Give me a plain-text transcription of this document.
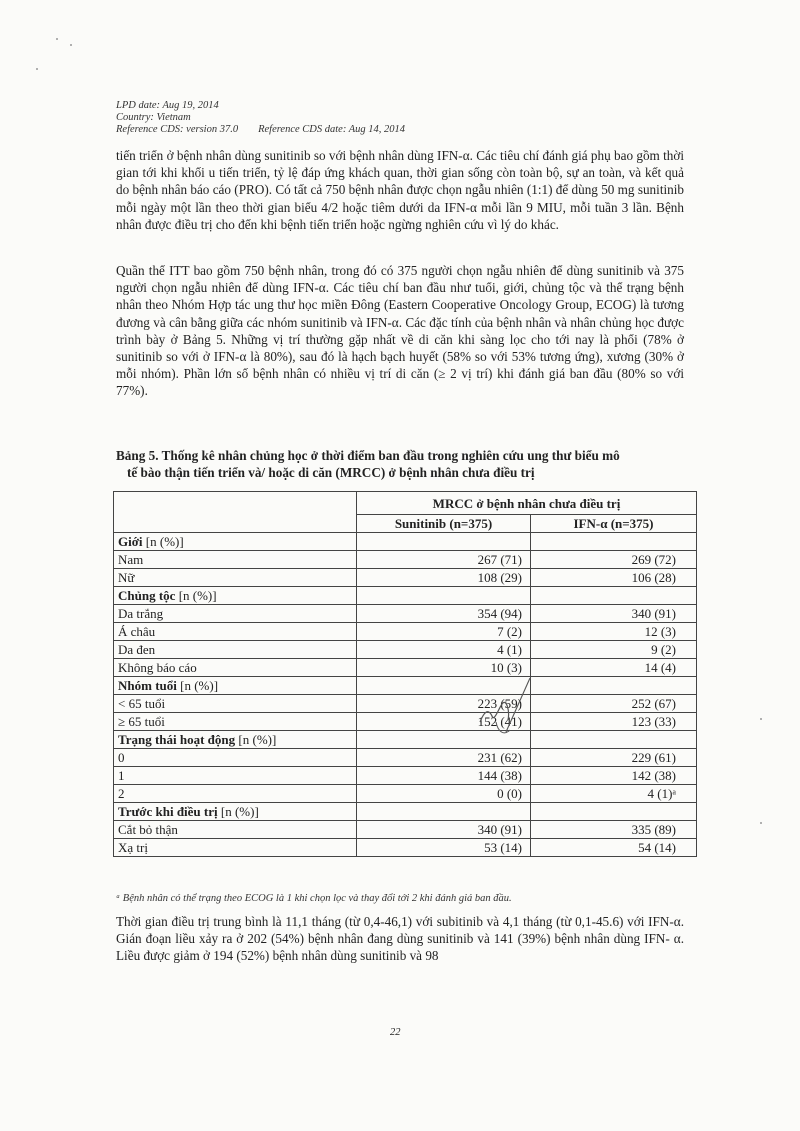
LPD date: Aug 19, 2014
Country: Vietnam
Reference CDS: version 37.0 Reference CDS date: Aug 14, 2014

tiến triển ở bệnh nhân dùng sunitinib so với bệnh nhân dùng IFN-α. Các tiêu chí đánh giá phụ bao gồm thời gian tới khi khối u tiến triển, tỷ lệ đáp ứng khách quan, thời gian sống còn toàn bộ, sự an toàn, và kết quả do bệnh nhân báo cáo (PRO). Có tất cả 750 bệnh nhân được chọn ngẫu nhiên (1:1) để dùng 50 mg sunitinib mỗi ngày một lần theo thời gian biểu 4/2 hoặc tiêm dưới da IFN-α mỗi lần 9 MIU, mỗi tuần 3 lần. Bệnh nhân được điều trị cho đến khi bệnh tiến triển hoặc ngừng nghiên cứu vì lý do khác.

Quần thể ITT bao gồm 750 bệnh nhân, trong đó có 375 người chọn ngẫu nhiên để dùng sunitinib và 375 người chọn ngẫu nhiên để dùng IFN-α. Các tiêu chí ban đầu như tuổi, giới, chủng tộc và thể trạng bệnh nhân theo Nhóm Hợp tác ung thư học miền Đông (Eastern Cooperative Oncology Group, ECOG) là tương đương và cân bằng giữa các nhóm sunitinib và IFN-α. Các đặc tính của bệnh nhân và nhân chủng học được trình bày ở Bảng 5. Những vị trí thường gặp nhất về di căn khi sàng lọc cho tới nay là phổi (78% ở sunitinib so với ở IFN-α là 80%), sau đó là hạch bạch huyết (58% so với 53% tương ứng), xương (30% ở mỗi nhóm). Phần lớn số bệnh nhân có nhiều vị trí di căn (≥ 2 vị trí) khi đánh giá ban đầu (80% so với 77%).

Bảng 5. Thống kê nhân chủng học ở thời điểm ban đầu trong nghiên cứu ung thư biểu mô
tế bào thận tiến triển và/ hoặc di căn (MRCC) ở bệnh nhân chưa điều trị

	MRCC ở bệnh nhân chưa điều trị	
	Sunitinib (n=375)	IFN-α (n=375)
Giới [n (%)]		
Nam	267 (71)	269 (72)
Nữ	108 (29)	106 (28)
Chủng tộc [n (%)]		
Da trắng	354 (94)	340 (91)
Á châu	7 (2)	12 (3)
Da đen	4 (1)	9 (2)
Không báo cáo	10 (3)	14 (4)
Nhóm tuổi [n (%)]		
< 65 tuổi	223 (59)	252 (67)
≥ 65 tuổi	152 (41)	123 (33)
Trạng thái hoạt động [n (%)]		
0	231 (62)	229 (61)
1	144 (38)	142 (38)
2	0 (0)	4 (1)ᵃ
Trước khi điều trị [n (%)]		
Cắt bỏ thận	340 (91)	335 (89)
Xạ trị	53 (14)	54 (14)
ᵃ Bệnh nhân có thể trạng theo ECOG là 1 khi chọn lọc và thay đổi tới 2 khi đánh giá ban đầu.

Thời gian điều trị trung bình là 11,1 tháng (từ 0,4-46,1) với subitinib và 4,1 tháng (từ 0,1-45.6) với IFN-α. Gián đoạn liều xảy ra ở 202 (54%) bệnh nhân đang dùng sunitinib và 141 (39%) bệnh nhân dùng IFN- α. Liều được giảm ở 194 (52%) bệnh nhân dùng sunitinib và 98

22
